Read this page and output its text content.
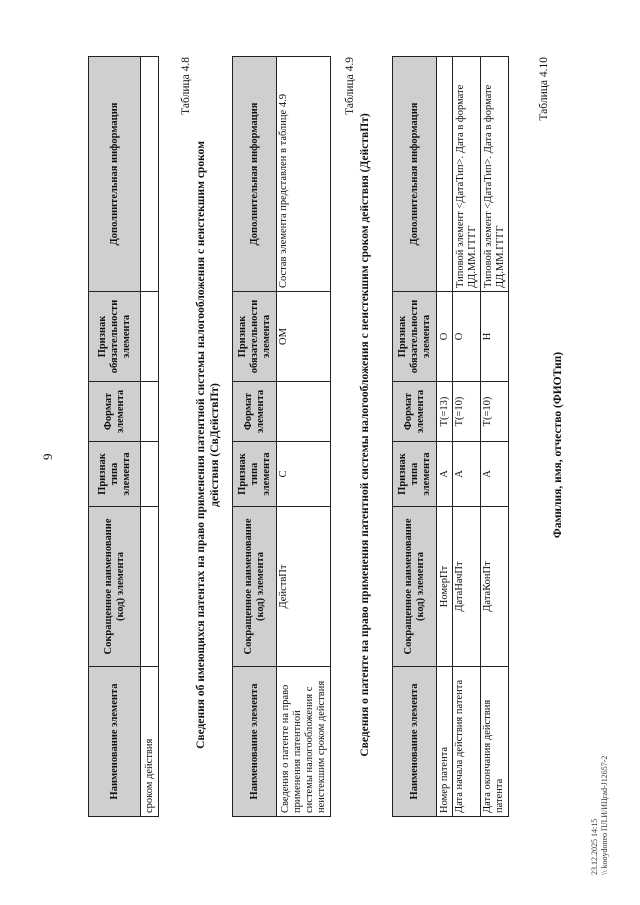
9
Наименование элемента	Сокращенное наименование (код) элемента	Признак типа элемента	Формат элемента	Признак обязательности элемента	Дополнительная информация
сроком действия					
Таблица 4.8
Сведения об имеющихся патентах на право применения патентной системы налогообложения с неистекшим сроком действия (СвДействПт)
Наименование элемента	Сокращенное наименование (код) элемента	Признак типа элемента	Формат элемента	Признак обязательности элемента	Дополнительная информация
Сведения о патенте на право применения патентной системы налогообложения с неистекшим сроком действия	ДействПт	С		ОМ	Состав элемента представлен в таблице 4.9
Таблица 4.9
Сведения о патенте на право применения патентной системы налогообложения с неистекшим сроком действия (ДействПт)	Наименование элемента	Сокращенное наименование (код) элемента	Признак типа элемента	Формат элемента	Признак обязательности элемента	Дополнительная информация
Номер патента	НомерПт	А	Т(=13)	О	
Дата начала действия патента	ДатаНачПт	А	Т(=10)	О	Типовой элемент <ДатаТип>. Дата в формате ДД.ММ.ГГГГ
Дата окончания действия патента	ДатаКонПт	А	Т(=10)	Н	Типовой элемент <ДатаТип>. Дата в формате ДД.ММ.ГГГГ
Таблица 4.10
Фамилия, имя, отчество (ФИОТип)
23.12.2025 14:15 \\ kooydoneo ПЛ.И/ИЦrad-J12657-2
